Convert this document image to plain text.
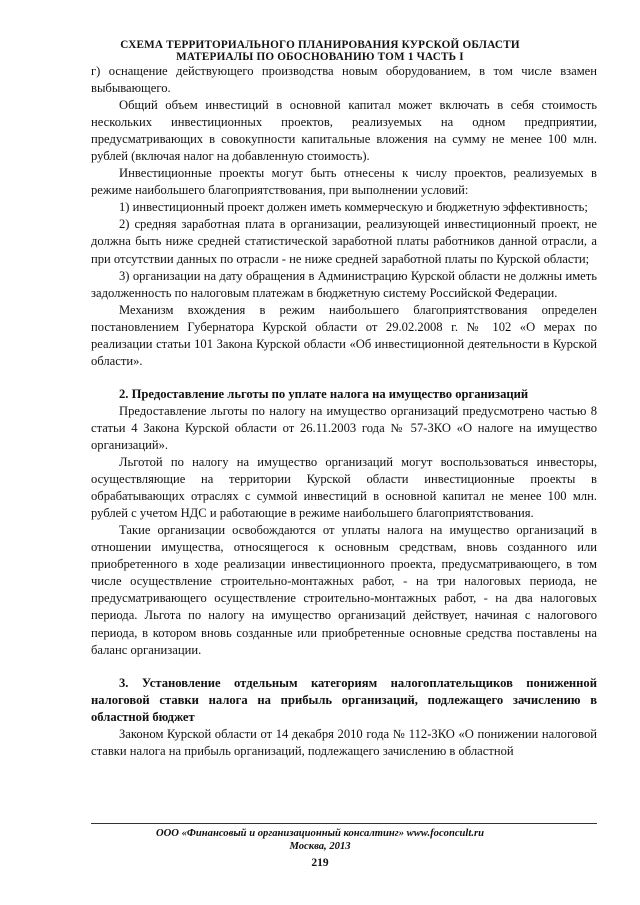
СХЕМА ТЕРРИТОРИАЛЬНОГО ПЛАНИРОВАНИЯ КУРСКОЙ ОБЛАСТИ
МАТЕРИАЛЫ ПО ОБОСНОВАНИЮ ТОМ 1 ЧАСТЬ I

г) оснащение действующего производства новым оборудованием, в том числе взамен выбывающего.

Общий объем инвестиций в основной капитал может включать в себя стоимость нескольких инвестиционных проектов, реализуемых на одном предприятии, предусматривающих в совокупности капитальные вложения на сумму не менее 100 млн. рублей (включая налог на добавленную стоимость).

Инвестиционные проекты могут быть отнесены к числу проектов, реализуемых в режиме наибольшего благоприятствования, при выполнении условий:

1) инвестиционный проект должен иметь коммерческую и бюджетную эффективность;

2) средняя заработная плата в организации, реализующей инвестиционный проект, не должна быть ниже средней статистической заработной платы работников данной отрасли, а при отсутствии данных по отрасли - не ниже средней заработной платы по Курской области;

3) организации на дату обращения в Администрацию Курской области не должны иметь задолженность по налоговым платежам в бюджетную систему Российской Федерации.

Механизм вхождения в режим наибольшего благоприятствования определен постановлением Губернатора Курской области от 29.02.2008 г. № 102 «О мерах по реализации статьи 101 Закона Курской области «Об инвестиционной деятельности в Курской области».

2. Предоставление льготы по уплате налога на имущество организаций

Предоставление льготы по налогу на имущество организаций предусмотрено частью 8 статьи 4 Закона Курской области от 26.11.2003 года № 57-ЗКО «О налоге на имущество организаций».

Льготой по налогу на имущество организаций могут воспользоваться инвесторы, осуществляющие на территории Курской области инвестиционные проекты в обрабатывающих отраслях с суммой инвестиций в основной капитал не менее 100 млн. рублей с учетом НДС и работающие в режиме наибольшего благоприятствования.

Такие организации освобождаются от уплаты налога на имущество организаций в отношении имущества, относящегося к основным средствам, вновь созданного или приобретенного в ходе реализации инвестиционного проекта, предусматривающего, в том числе осуществление строительно-монтажных работ, - на три налоговых периода, не предусматривающего осуществление строительно-монтажных работ, - на два налоговых периода. Льгота по налогу на имущество организаций действует, начиная с налогового периода, в котором вновь созданные или приобретенные основные средства поставлены на баланс организации.

3. Установление отдельным категориям налогоплательщиков пониженной налоговой ставки налога на прибыль организаций, подлежащего зачислению в областной бюджет

Законом Курской области от 14 декабря 2010 года № 112-ЗКО «О понижении налоговой ставки налога на прибыль организаций, подлежащего зачислению в областной

ООО «Финансовый и организационный консалтинг» www.foconcult.ru
Москва, 2013
219
